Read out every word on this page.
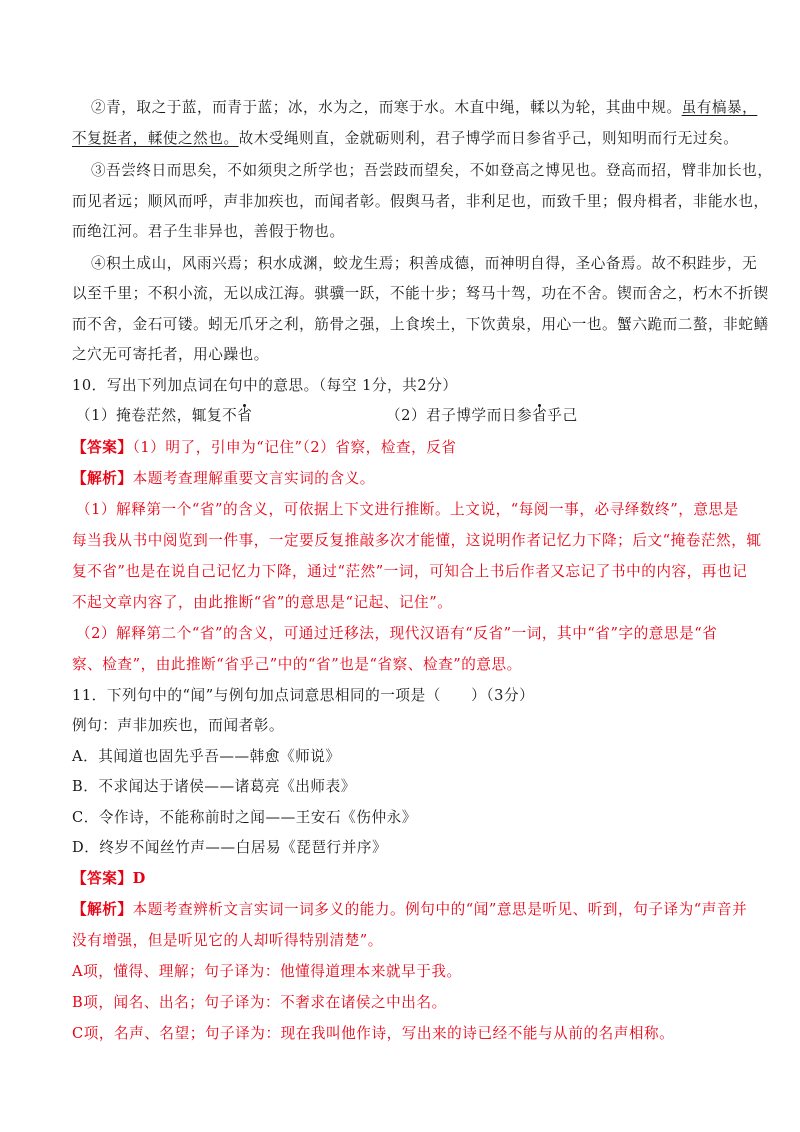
②青，取之于蓝，而青于蓝；冰，水为之，而寒于水。木直中绳，輮以为轮，其曲中规。虽有槁暴，
不复挺者，輮使之然也。故木受绳则直，金就砺则利，君子博学而日参省乎己，则知明而行无过矣。
③吾尝终日而思矣，不如须臾之所学也；吾尝跂而望矣，不如登高之博见也。登高而招，臂非加长也，
而见者远；顺风而呼，声非加疾也，而闻者彰。假舆马者，非利足也，而致千里；假舟楫者，非能水也，
而绝江河。君子生非异也，善假于物也。
④积土成山，风雨兴焉；积水成渊，蛟龙生焉；积善成德，而神明自得，圣心备焉。故不积跬步，无
以至千里；不积小流，无以成江海。骐骥一跃，不能十步；驽马十驾，功在不舍。锲而舍之，朽木不折锲
而不舍，金石可镂。蚓无爪牙之利，筋骨之强，上食埃土，下饮黄泉，用心一也。蟹六跪而二螯，非蛇鳝
之穴无可寄托者，用心躁也。
10．写出下列加点词在句中的意思。（每空 1分，共2分）
（1）掩卷茫然，辄复不省	（2）君子博学而日参省乎己
【答案】（1）明了，引申为“记住”（2）省察，检查，反省
【解析】本题考查理解重要文言实词的含义。
（1）解释第一个“省”的含义，可依据上下文进行推断。上文说，“每阅一事，必寻绎数终”，意思是
每当我从书中阅览到一件事，一定要反复推敲多次才能懂，这说明作者记忆力下降；后文“掩卷茫然，辄
复不省”也是在说自己记忆力下降，通过“茫然”一词，可知合上书后作者又忘记了书中的内容，再也记
不起文章内容了，由此推断“省”的意思是“记起、记住”。
（2）解释第二个“省”的含义，可通过迁移法，现代汉语有“反省”一词，其中“省”字的意思是“省
察、检查”，由此推断“省乎己”中的“省”也是“省察、检查”的意思。
11．下列句中的“闻”与例句加点词意思相同的一项是（　　）（3分）
例句：声非加疾也，而闻者彰。
A．其闻道也固先乎吾——韩愈《师说》
B．不求闻达于诸侯——诸葛亮《出师表》
C．令作诗，不能称前时之闻——王安石《伤仲永》
D．终岁不闻丝竹声——白居易《琵琶行并序》
【答案】D
【解析】本题考查辨析文言实词一词多义的能力。例句中的“闻”意思是听见、听到，句子译为“声音并
没有增强，但是听见它的人却听得特别清楚”。
A项，懂得、理解；句子译为：他懂得道理本来就早于我。
B项，闻名、出名；句子译为：不奢求在诸侯之中出名。
C项，名声、名望；句子译为：现在我叫他作诗，写出来的诗已经不能与从前的名声相称。
